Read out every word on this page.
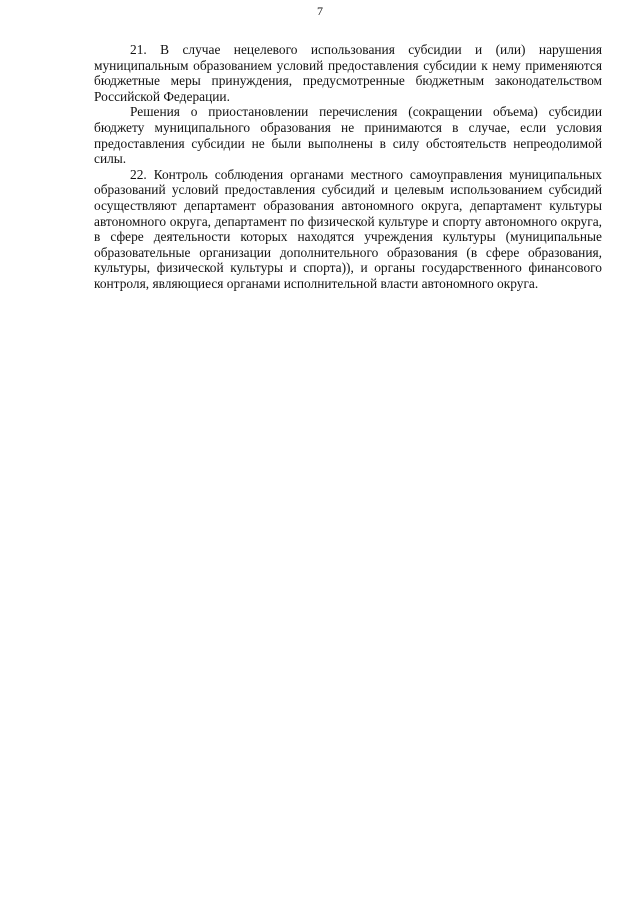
7

21. В случае нецелевого использования субсидии и (или) нарушения муниципальным образованием условий предоставления субсидии к нему применяются бюджетные меры принуждения, предусмотренные бюджетным законодательством Российской Федерации.

Решения о приостановлении перечисления (сокращении объема) субсидии бюджету муниципального образования не принимаются в случае, если условия предоставления субсидии не были выполнены в силу обстоятельств непреодолимой силы.

22. Контроль соблюдения органами местного самоуправления муниципальных образований условий предоставления субсидий и целевым использованием субсидий осуществляют департамент образования автономного округа, департамент культуры автономного округа, департамент по физической культуре и спорту автономного округа, в сфере деятельности которых находятся учреждения культуры (муниципальные образовательные организации дополнительного образования (в сфере образования, культуры, физической культуры и спорта)), и органы государственного финансового контроля, являющиеся органами исполнительной власти автономного округа.
